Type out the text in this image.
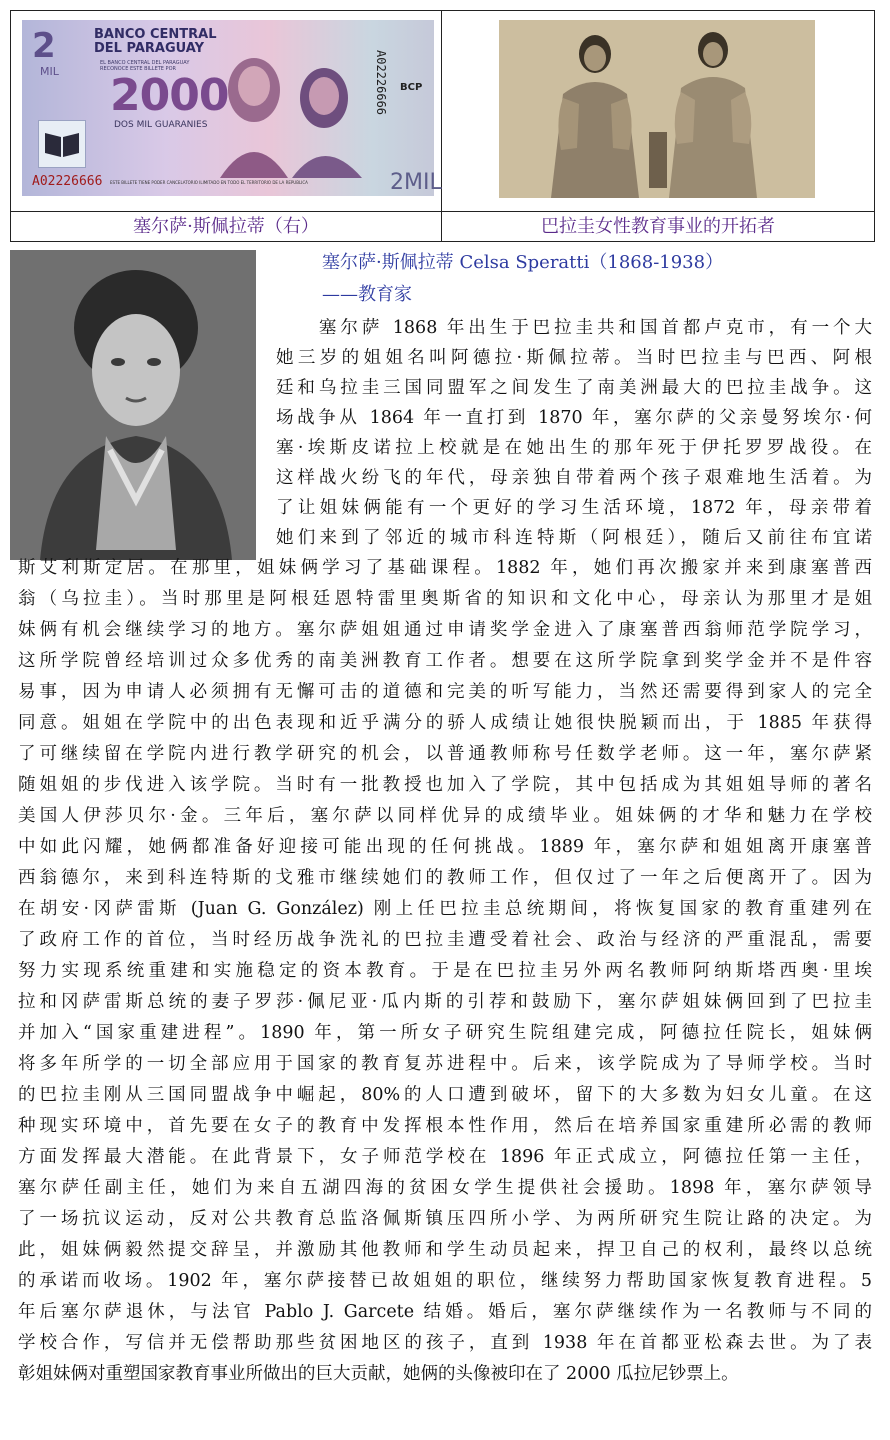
塞尔萨·斯佩拉蒂（右）	巴拉圭女性教育事业的开拓者
2
MIL
BANCO CENTRAL
DEL PARAGUAY
EL BANCO CENTRAL DEL PARAGUAY RECONOCE ESTE BILLETE POR
2000
DOS MIL GUARANIES
A02226666 BCP
A02226666 ESTE BILLETE TIENE PODER CANCELATORIO ILIMITADO EN TODO EL TERRITORIO DE LA REPUBLICA	2MIL
塞尔萨·斯佩拉蒂 Celsa Speratti（1868-1938）
——教育家
　　塞尔萨 1868 年出生于巴拉圭共和国首都卢克市，有一个大
她三岁的姐姐名叫阿德拉·斯佩拉蒂。当时巴拉圭与巴西、阿根
廷和乌拉圭三国同盟军之间发生了南美洲最大的巴拉圭战争。这
场战争从 1864 年一直打到 1870 年，塞尔萨的父亲曼努埃尔·何
塞·埃斯皮诺拉上校就是在她出生的那年死于伊托罗罗战役。在
这样战火纷飞的年代，母亲独自带着两个孩子艰难地生活着。为
了让姐妹俩能有一个更好的学习生活环境，1872 年，母亲带着
她们来到了邻近的城市科连特斯（阿根廷），随后又前往布宜诺
斯艾利斯定居。在那里，姐妹俩学习了基础课程。1882 年，她们再次搬家并来到康塞普西
翁（乌拉圭）。当时那里是阿根廷恩特雷里奥斯省的知识和文化中心，母亲认为那里才是姐
妹俩有机会继续学习的地方。塞尔萨姐姐通过申请奖学金进入了康塞普西翁师范学院学习，
这所学院曾经培训过众多优秀的南美洲教育工作者。想要在这所学院拿到奖学金并不是件容
易事，因为申请人必须拥有无懈可击的道德和完美的听写能力，当然还需要得到家人的完全
同意。姐姐在学院中的出色表现和近乎满分的骄人成绩让她很快脱颖而出，于 1885 年获得
了可继续留在学院内进行教学研究的机会，以普通教师称号任数学老师。这一年，塞尔萨紧
随姐姐的步伐进入该学院。当时有一批教授也加入了学院，其中包括成为其姐姐导师的著名
美国人伊莎贝尔·金。三年后，塞尔萨以同样优异的成绩毕业。姐妹俩的才华和魅力在学校
中如此闪耀，她俩都准备好迎接可能出现的任何挑战。1889 年，塞尔萨和姐姐离开康塞普
西翁德尔，来到科连特斯的戈雅市继续她们的教师工作，但仅过了一年之后便离开了。因为
在胡安·冈萨雷斯 (Juan G. González) 刚上任巴拉圭总统期间，将恢复国家的教育重建列在
了政府工作的首位，当时经历战争洗礼的巴拉圭遭受着社会、政治与经济的严重混乱，需要
努力实现系统重建和实施稳定的资本教育。于是在巴拉圭另外两名教师阿纳斯塔西奥·里埃
拉和冈萨雷斯总统的妻子罗莎·佩尼亚·瓜内斯的引荐和鼓励下，塞尔萨姐妹俩回到了巴拉圭
并加入“国家重建进程”。1890 年，第一所女子研究生院组建完成，阿德拉任院长，姐妹俩
将多年所学的一切全部应用于国家的教育复苏进程中。后来，该学院成为了导师学校。当时
的巴拉圭刚从三国同盟战争中崛起，80%的人口遭到破坏，留下的大多数为妇女儿童。在这
种现实环境中，首先要在女子的教育中发挥根本性作用，然后在培养国家重建所必需的教师
方面发挥最大潜能。在此背景下，女子师范学校在 1896 年正式成立，阿德拉任第一主任，
塞尔萨任副主任，她们为来自五湖四海的贫困女学生提供社会援助。1898 年，塞尔萨领导
了一场抗议运动，反对公共教育总监洛佩斯镇压四所小学、为两所研究生院让路的决定。为
此，姐妹俩毅然提交辞呈，并激励其他教师和学生动员起来，捍卫自己的权利，最终以总统
的承诺而收场。1902 年，塞尔萨接替已故姐姐的职位，继续努力帮助国家恢复教育进程。5
年后塞尔萨退休，与法官 Pablo J. Garcete 结婚。婚后，塞尔萨继续作为一名教师与不同的
学校合作，写信并无偿帮助那些贫困地区的孩子，直到 1938 年在首都亚松森去世。为了表
彰姐妹俩对重塑国家教育事业所做出的巨大贡献，她俩的头像被印在了 2000 瓜拉尼钞票上。
